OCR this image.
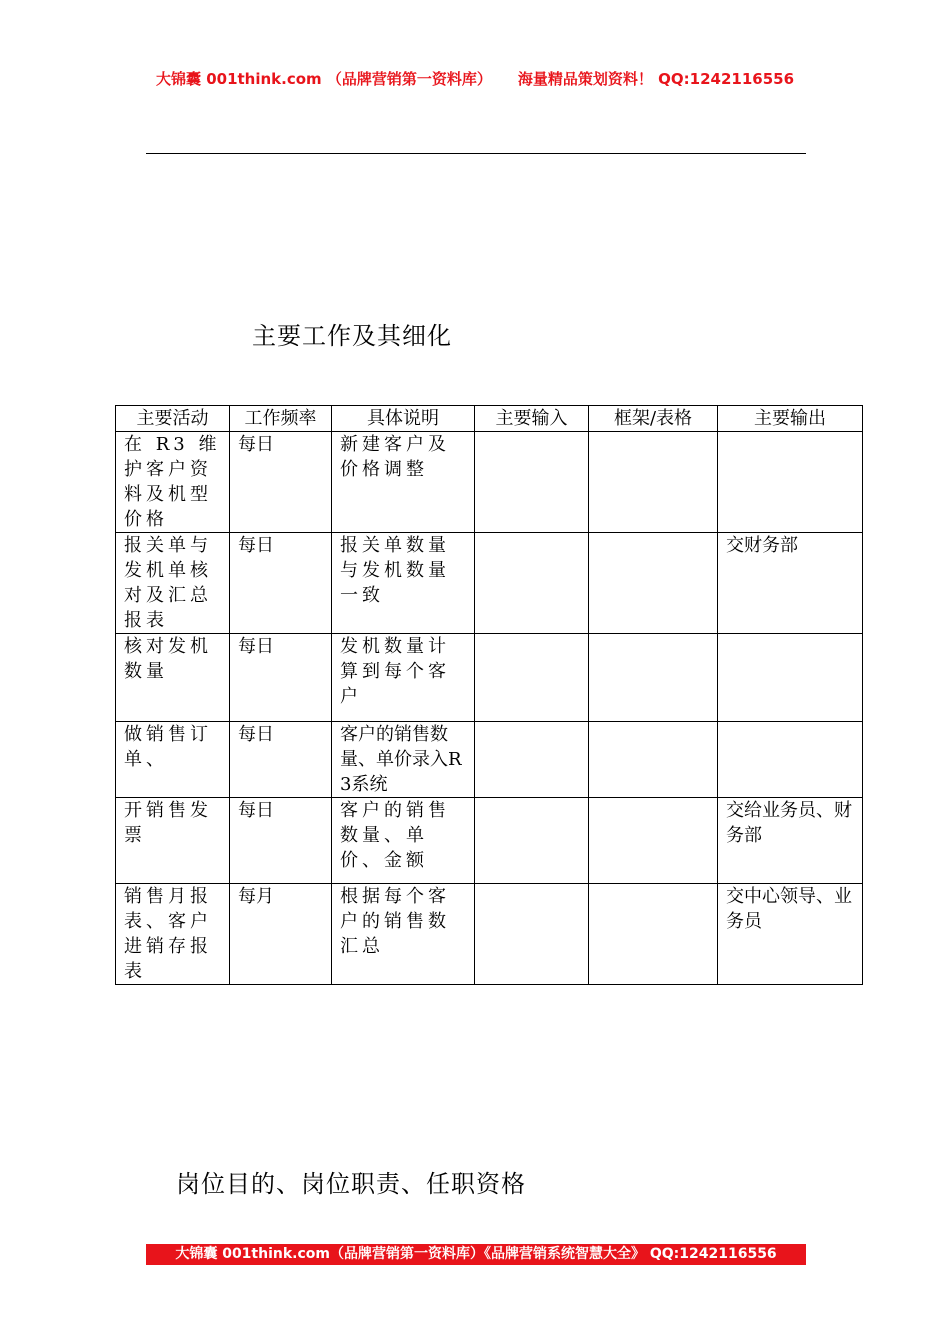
大锦囊 001think.com （品牌营销第一资料库） 海量精品策划资料！ QQ:1242116556
主要工作及其细化
主要活动	工作频率	具体说明	主要输入	框架/表格	主要输出
在 R3 维护客户资料及机型价格	每日	新建客户及价格调整			
报关单与发机单核对及汇总报表	每日	报关单数量与发机数量一致			交财务部
核对发机数量	每日	发机数量计算到每个客户			
做销售订单、	每日	客户的销售数量、单价录入R3系统			
开销售发票	每日	客户的销售数量、单价、金额			交给业务员、财务部
销售月报表、客户进销存报表	每月	根据每个客户的销售数汇总			交中心领导、业务员
岗位目的、岗位职责、任职资格
大锦囊 001think.com（品牌营销第一资料库）《品牌营销系统智慧大全》 QQ:1242116556
